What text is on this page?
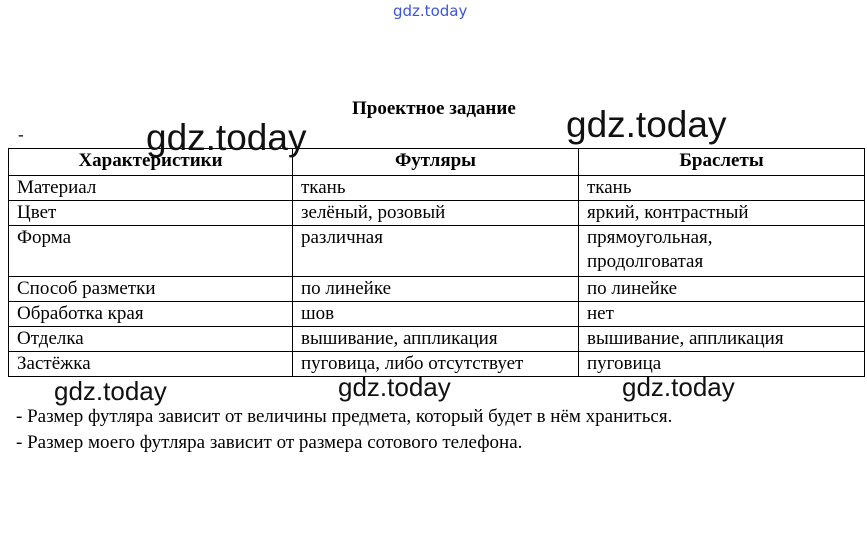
gdz.today
Проектное задание
-
Характеристики	Футляры	Браслеты
Материал	ткань	ткань
Цвет	зелёный, розовый	яркий, контрастный
Форма	различная	прямоугольная,
продолговатая
Способ разметки	по линейке	по линейке
Обработка края	шов	нет
Отделка	вышивание, аппликация	вышивание, аппликация
Застёжка	пуговица, либо отсутствует	пуговица
- Размер футляра зависит от величины предмета, который будет в нём храниться.
- Размер моего футляра зависит от размера сотового телефона.
gdz.today	gdz.today
gdz.today	gdz.today	gdz.today
